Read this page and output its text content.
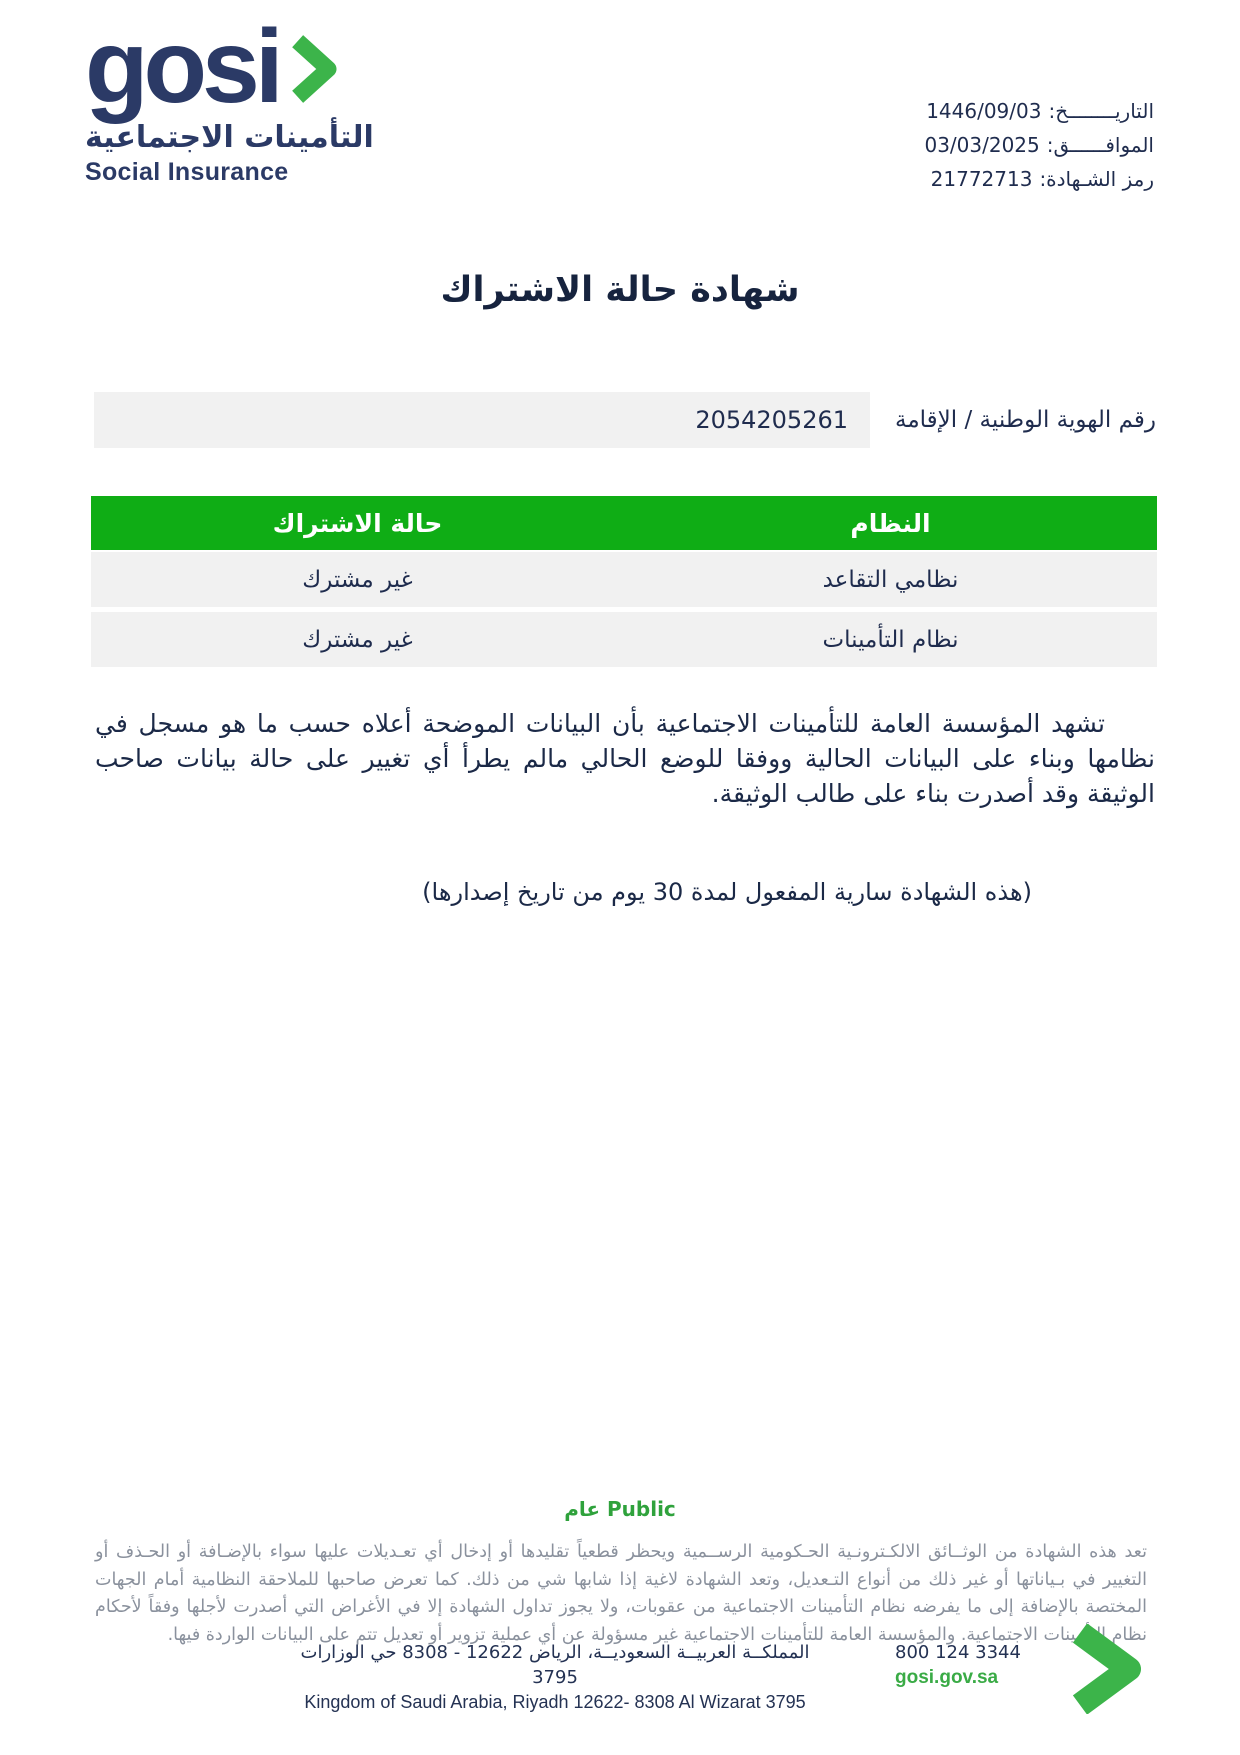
gosi
التأمينات الاجتماعية
Social Insurance
التاريــــــــخ:
1446/09/03
الموافــــــق:
03/03/2025
رمز الشـهادة:
21772713
شهادة حالة الاشتراك
رقم الهوية الوطنية / الإقامة
2054205261
النظام
حالة الاشتراك
نظامي التقاعد
غير مشترك
نظام التأمينات
غير مشترك

تشهد المؤسسة العامة للتأمينات الاجتماعية بأن البيانات الموضحة أعلاه حسب ما هو مسجل في نظامها وبناء على البيانات الحالية ووفقا للوضع الحالي مالم يطرأ أي تغيير على حالة بيانات صاحب الوثيقة وقد أصدرت بناء على طالب الوثيقة.

(هذه الشهادة سارية المفعول لمدة 30 يوم من تاريخ إصدارها)

Public عام

تعد هذه الشهادة من الوثــائق الالكـترونـية الحـكومية الرســمية ويحظر قطعياً تقليدها أو إدخال أي تعـديلات عليها سواء بالإضـافة أو الحـذف أو التغيير في بـياناتها أو غير ذلك من أنواع التـعديل، وتعد الشهادة لاغية إذا شابها شي من ذلك. كما تعرض صاحبها للملاحقة النظامية أمام الجهات المختصة بالإضافة إلى ما يفرضه نظام التأمينات الاجتماعية من عقوبات، ولا يجوز تداول الشهادة إلا في الأغراض التي أصدرت لأجلها وفقاً لأحكام نظام التأمينات الاجتماعية. والمؤسسة العامة للتأمينات الاجتماعية غير مسؤولة عن أي عملية تزوير أو تعديل تتم على البيانات الواردة فيها.

المملكــة العربيــة السعوديــة، الرياض 12622 - 8308 حي الوزارات 3795
Kingdom of Saudi Arabia, Riyadh 12622- 8308 Al Wizarat 3795
800 124 3344
gosi.gov.sa
